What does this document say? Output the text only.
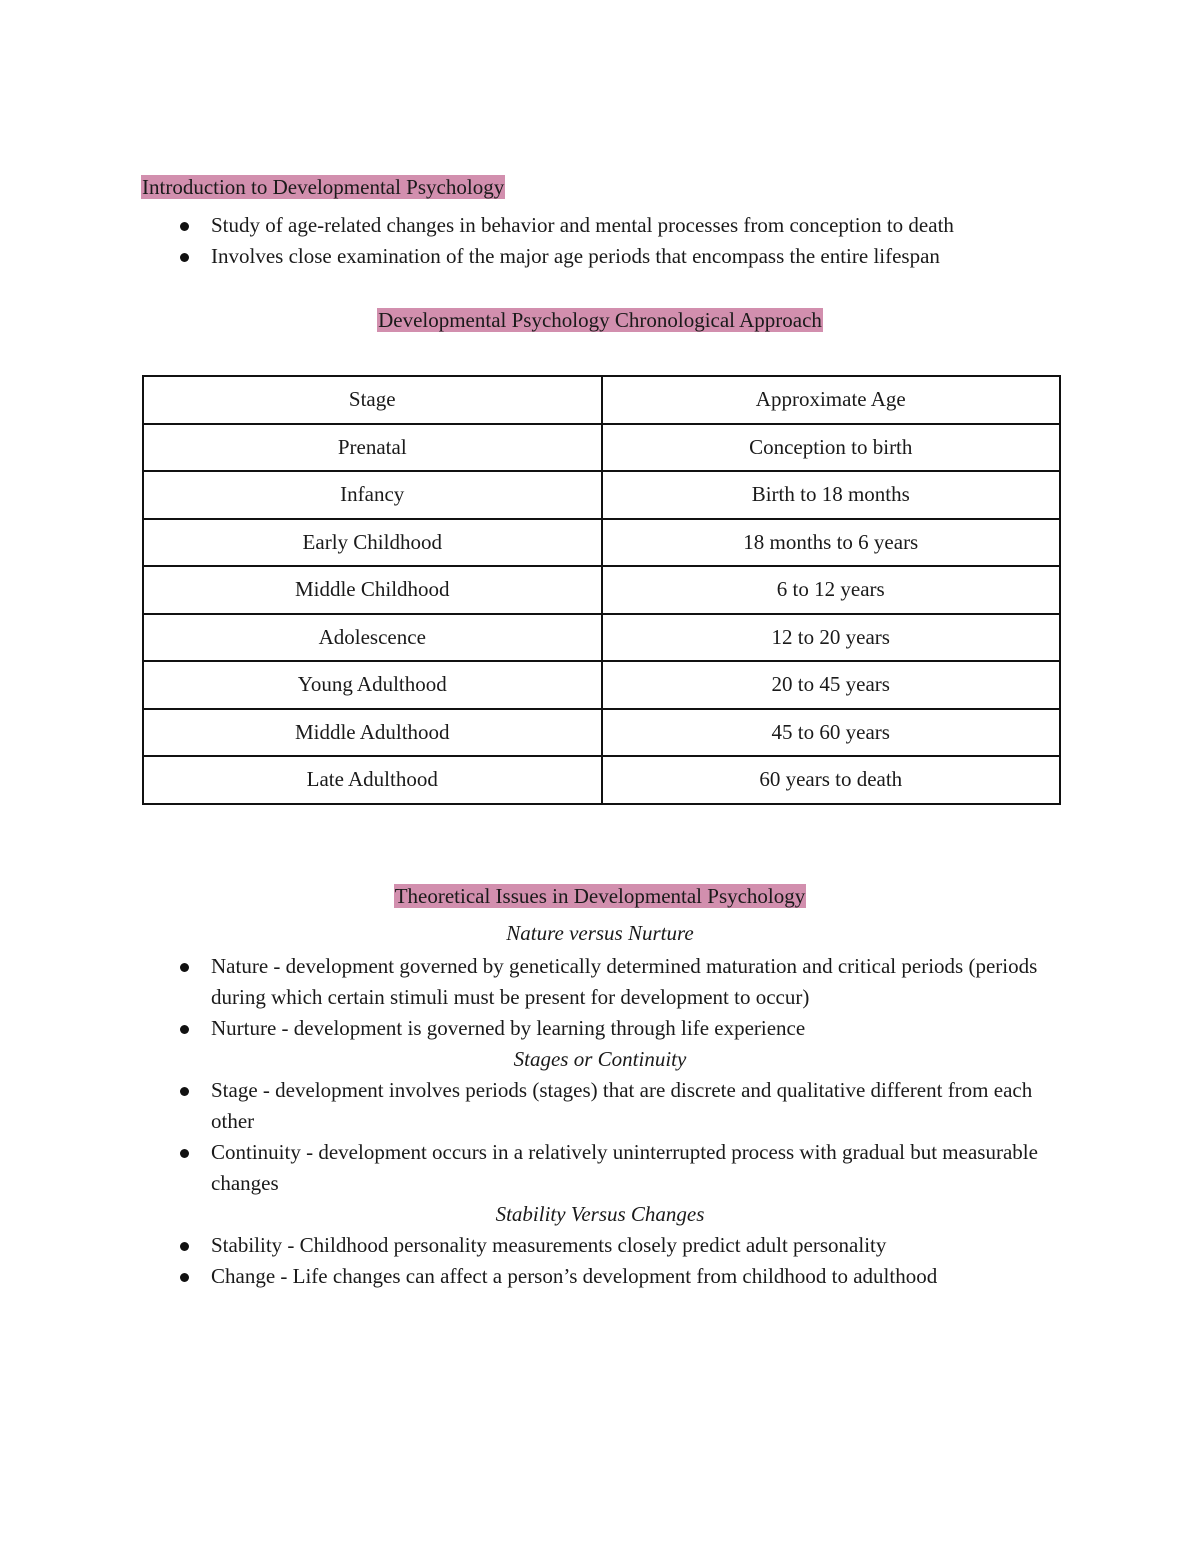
Introduction to Developmental Psychology
Study of age-related changes in behavior and mental processes from conception to death
Involves close examination of the major age periods that encompass the entire lifespan
Developmental Psychology Chronological Approach
Stage	Approximate Age
Prenatal	Conception to birth
Infancy	Birth to 18 months
Early Childhood	18 months to 6 years
Middle Childhood	6 to 12 years
Adolescence	12 to 20 years
Young Adulthood	20 to 45 years
Middle Adulthood	45 to 60 years
Late Adulthood	60 years to death
Theoretical Issues in Developmental Psychology
Nature versus Nurture
Nature - development governed by genetically determined maturation and critical periods (periods during which certain stimuli must be present for development to occur)
Nurture - development is governed by learning through life experience
Stages or Continuity
Stage - development involves periods (stages) that are discrete and qualitative different from each other
Continuity - development occurs in a relatively uninterrupted process with gradual but measurable changes
Stability Versus Changes
Stability - Childhood personality measurements closely predict adult personality
Change - Life changes can affect a person’s development from childhood to adulthood
